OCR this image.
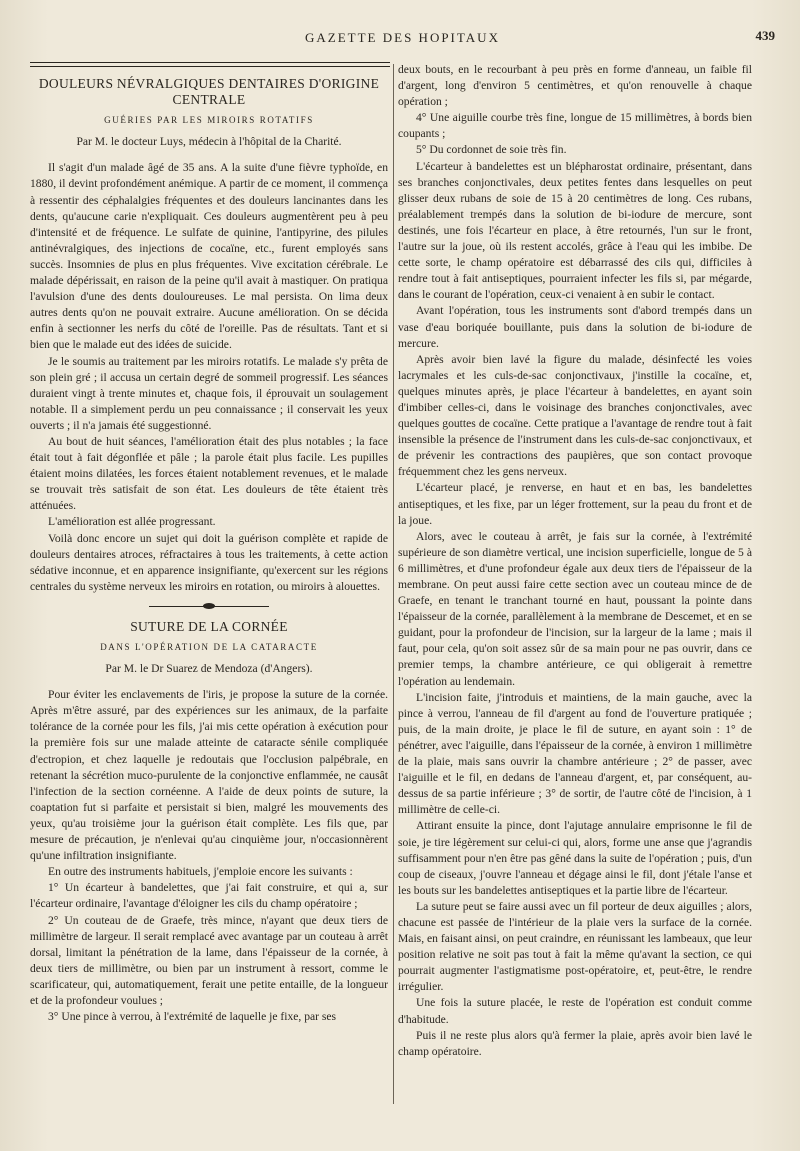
GAZETTE DES HOPITAUX	439
DOULEURS NÉVRALGIQUES DENTAIRES D'ORIGINE CENTRALE
GUÉRIES PAR LES MIROIRS ROTATIFS
Par M. le docteur Luys, médecin à l'hôpital de la Charité.

Il s'agit d'un malade âgé de 35 ans. A la suite d'une fièvre typhoïde, en 1880, il devint profondément anémique. A partir de ce moment, il commença à ressentir des céphalalgies fréquentes et des douleurs lancinantes dans les dents, qu'aucune carie n'expliquait. Ces douleurs augmentèrent peu à peu d'intensité et de fréquence. Le sulfate de quinine, l'antipyrine, des pilules antinévralgiques, des injections de cocaïne, etc., furent employés sans succès. Insomnies de plus en plus fréquentes. Vive excitation cérébrale. Le malade dépérissait, en raison de la peine qu'il avait à mastiquer. On pratiqua l'avulsion d'une des dents douloureuses. Le mal persista. On lima deux autres dents qu'on ne pouvait extraire. Aucune amélioration. On se décida enfin à sectionner les nerfs du côté de l'oreille. Pas de résultats. Tant et si bien que le malade eut des idées de suicide.

Je le soumis au traitement par les miroirs rotatifs. Le malade s'y prêta de son plein gré ; il accusa un certain degré de sommeil progressif. Les séances duraient vingt à trente minutes et, chaque fois, il éprouvait un soulagement notable. Il a simplement perdu un peu connaissance ; il conservait les yeux ouverts ; il n'a jamais été suggestionné.

Au bout de huit séances, l'amélioration était des plus notables ; la face était tout à fait dégonflée et pâle ; la parole était plus facile. Les pupilles étaient moins dilatées, les forces étaient notablement revenues, et le malade se trouvait très satisfait de son état. Les douleurs de tête étaient très atténuées.

L'amélioration est allée progressant.

Voilà donc encore un sujet qui doit la guérison complète et rapide de douleurs dentaires atroces, réfractaires à tous les traitements, à cette action sédative inconnue, et en apparence insignifiante, qu'exercent sur les régions centrales du système nerveux les miroirs en rotation, ou miroirs à alouettes.

SUTURE DE LA CORNÉE
DANS L'OPÉRATION DE LA CATARACTE
Par M. le Dr Suarez de Mendoza (d'Angers).

Pour éviter les enclavements de l'iris, je propose la suture de la cornée. Après m'être assuré, par des expériences sur les animaux, de la parfaite tolérance de la cornée pour les fils, j'ai mis cette opération à exécution pour la première fois sur une malade atteinte de cataracte sénile compliquée d'ectropion, et chez laquelle je redoutais que l'occlusion palpébrale, en retenant la sécrétion muco-purulente de la conjonctive enflammée, ne causât l'infection de la section cornéenne. A l'aide de deux points de suture, la coaptation fut si parfaite et persistait si bien, malgré les mouvements des yeux, qu'au troisième jour la guérison était complète. Les fils que, par mesure de précaution, je n'enlevai qu'au cinquième jour, n'occasionnèrent qu'une infiltration insignifiante.

En outre des instruments habituels, j'emploie encore les suivants :

1° Un écarteur à bandelettes, que j'ai fait construire, et qui a, sur l'écarteur ordinaire, l'avantage d'éloigner les cils du champ opératoire ;

2° Un couteau de de Graefe, très mince, n'ayant que deux tiers de millimètre de largeur. Il serait remplacé avec avantage par un couteau à arrêt dorsal, limitant la pénétration de la lame, dans l'épaisseur de la cornée, à deux tiers de millimètre, ou bien par un instrument à ressort, comme le scarificateur, qui, automatiquement, ferait une petite entaille, de la longueur et de la profondeur voulues ;

3° Une pince à verrou, à l'extrémité de laquelle je fixe, par ses

deux bouts, en le recourbant à peu près en forme d'anneau, un faible fil d'argent, long d'environ 5 centimètres, et qu'on renouvelle à chaque opération ;

4° Une aiguille courbe très fine, longue de 15 millimètres, à bords bien coupants ;

5° Du cordonnet de soie très fin.

L'écarteur à bandelettes est un blépharostat ordinaire, présentant, dans ses branches conjonctivales, deux petites fentes dans lesquelles on peut glisser deux rubans de soie de 15 à 20 centimètres de long. Ces rubans, préalablement trempés dans la solution de bi-iodure de mercure, sont destinés, une fois l'écarteur en place, à être retournés, l'un sur le front, l'autre sur la joue, où ils restent accolés, grâce à l'eau qui les imbibe. De cette sorte, le champ opératoire est débarrassé des cils qui, difficiles à rendre tout à fait antiseptiques, pourraient infecter les fils si, par mégarde, dans le courant de l'opération, ceux-ci venaient à en subir le contact.

Avant l'opération, tous les instruments sont d'abord trempés dans un vase d'eau boriquée bouillante, puis dans la solution de bi-iodure de mercure.

Après avoir bien lavé la figure du malade, désinfecté les voies lacrymales et les culs-de-sac conjonctivaux, j'instille la cocaïne, et, quelques minutes après, je place l'écarteur à bandelettes, en ayant soin d'imbiber celles-ci, dans le voisinage des branches conjonctivales, avec quelques gouttes de cocaïne. Cette pratique a l'avantage de rendre tout à fait insensible la présence de l'instrument dans les culs-de-sac conjonctivaux, et de prévenir les contractions des paupières, que son contact provoque fréquemment chez les gens nerveux.

L'écarteur placé, je renverse, en haut et en bas, les bandelettes antiseptiques, et les fixe, par un léger frottement, sur la peau du front et de la joue.

Alors, avec le couteau à arrêt, je fais sur la cornée, à l'extrémité supérieure de son diamètre vertical, une incision superficielle, longue de 5 à 6 millimètres, et d'une profondeur égale aux deux tiers de l'épaisseur de la membrane. On peut aussi faire cette section avec un couteau mince de de Graefe, en tenant le tranchant tourné en haut, poussant la pointe dans l'épaisseur de la cornée, parallèlement à la membrane de Descemet, et en se guidant, pour la profondeur de l'incision, sur la largeur de la lame ; mais il faut, pour cela, qu'on soit assez sûr de sa main pour ne pas ouvrir, dans ce premier temps, la chambre antérieure, ce qui obligerait à remettre l'opération au lendemain.

L'incision faite, j'introduis et maintiens, de la main gauche, avec la pince à verrou, l'anneau de fil d'argent au fond de l'ouverture pratiquée ; puis, de la main droite, je place le fil de suture, en ayant soin : 1° de pénétrer, avec l'aiguille, dans l'épaisseur de la cornée, à environ 1 millimètre de la plaie, mais sans ouvrir la chambre antérieure ; 2° de passer, avec l'aiguille et le fil, en dedans de l'anneau d'argent, et, par conséquent, au-dessus de sa partie inférieure ; 3° de sortir, de l'autre côté de l'incision, à 1 millimètre de celle-ci.

Attirant ensuite la pince, dont l'ajutage annulaire emprisonne le fil de soie, je tire légèrement sur celui-ci qui, alors, forme une anse que j'agrandis suffisamment pour n'en être pas gêné dans la suite de l'opération ; puis, d'un coup de ciseaux, j'ouvre l'anneau et dégage ainsi le fil, dont j'étale l'anse et les bouts sur les bandelettes antiseptiques et la partie libre de l'écarteur.

La suture peut se faire aussi avec un fil porteur de deux aiguilles ; alors, chacune est passée de l'intérieur de la plaie vers la surface de la cornée. Mais, en faisant ainsi, on peut craindre, en réunissant les lambeaux, que leur position relative ne soit pas tout à fait la même qu'avant la section, ce qui pourrait augmenter l'astigmatisme post-opératoire, et, peut-être, le rendre irrégulier.

Une fois la suture placée, le reste de l'opération est conduit comme d'habitude.

Puis il ne reste plus alors qu'à fermer la plaie, après avoir bien lavé le champ opératoire.
